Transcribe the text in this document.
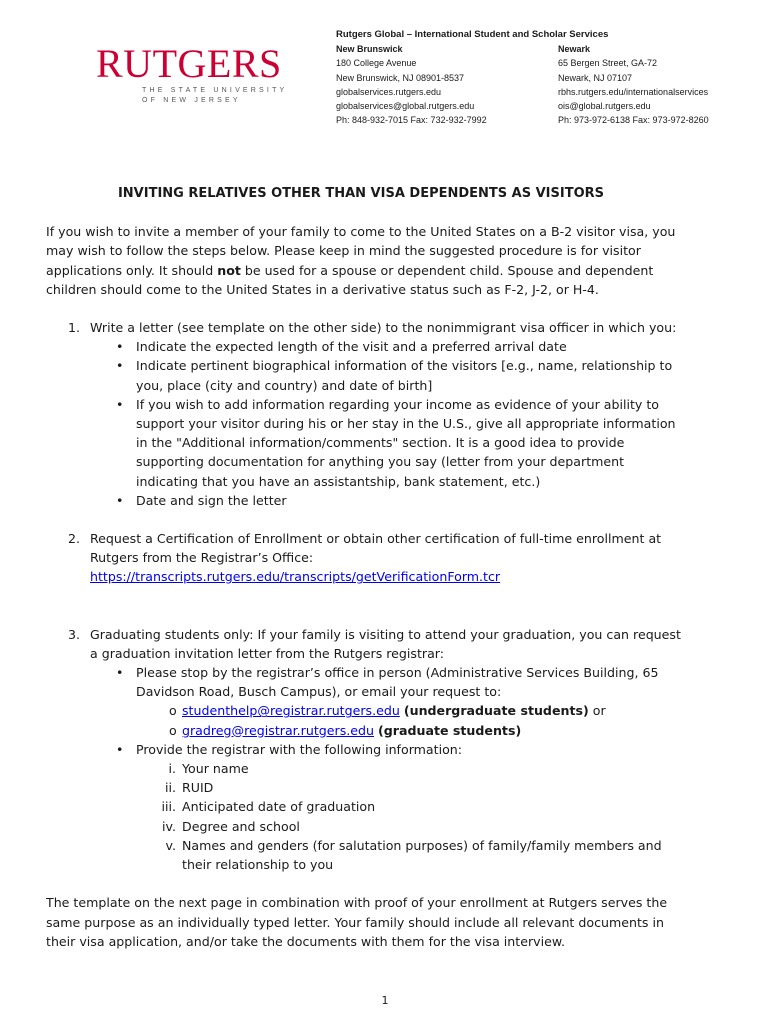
RUTGERS
THE STATE UNIVERSITY
OF NEW JERSEY
Rutgers Global – International Student and Scholar Services
New Brunswick
180 College Avenue
New Brunswick, NJ 08901-8537
globalservices.rutgers.edu
globalservices@global.rutgers.edu
Ph: 848-932-7015 Fax: 732-932-7992
Newark
65 Bergen Street, GA-72
Newark, NJ 07107
rbhs.rutgers.edu/internationalservices
ois@global.rutgers.edu
Ph: 973-972-6138 Fax: 973-972-8260
INVITING RELATIVES OTHER THAN VISA DEPENDENTS AS VISITORS

If you wish to invite a member of your family to come to the United States on a B-2 visitor visa, you may wish to follow the steps below. Please keep in mind the suggested procedure is for visitor applications only. It should not be used for a spouse or dependent child. Spouse and dependent children should come to the United States in a derivative status such as F-2, J-2, or H-4.

1. Write a letter (see template on the other side) to the nonimmigrant visa officer in which you:
• Indicate the expected length of the visit and a preferred arrival date
• Indicate pertinent biographical information of the visitors [e.g., name, relationship to you, place (city and country) and date of birth]
• If you wish to add information regarding your income as evidence of your ability to support your visitor during his or her stay in the U.S., give all appropriate information in the "Additional information/comments" section. It is a good idea to provide supporting documentation for anything you say (letter from your department indicating that you have an assistantship, bank statement, etc.)
• Date and sign the letter
2. Request a Certification of Enrollment or obtain other certification of full-time enrollment at Rutgers from the Registrar’s Office:
https://transcripts.rutgers.edu/transcripts/getVerificationForm.tcr
3. Graduating students only: If your family is visiting to attend your graduation, you can request a graduation invitation letter from the Rutgers registrar:
• Please stop by the registrar’s office in person (Administrative Services Building, 65 Davidson Road, Busch Campus), or email your request to:
o studenthelp@registrar.rutgers.edu (undergraduate students) or
o gradreg@registrar.rutgers.edu (graduate students)
• Provide the registrar with the following information:
i. Your name
ii. RUID
iii. Anticipated date of graduation
iv. Degree and school
v. Names and genders (for salutation purposes) of family/family members and their relationship to you

The template on the next page in combination with proof of your enrollment at Rutgers serves the same purpose as an individually typed letter. Your family should include all relevant documents in their visa application, and/or take the documents with them for the visa interview.

1
